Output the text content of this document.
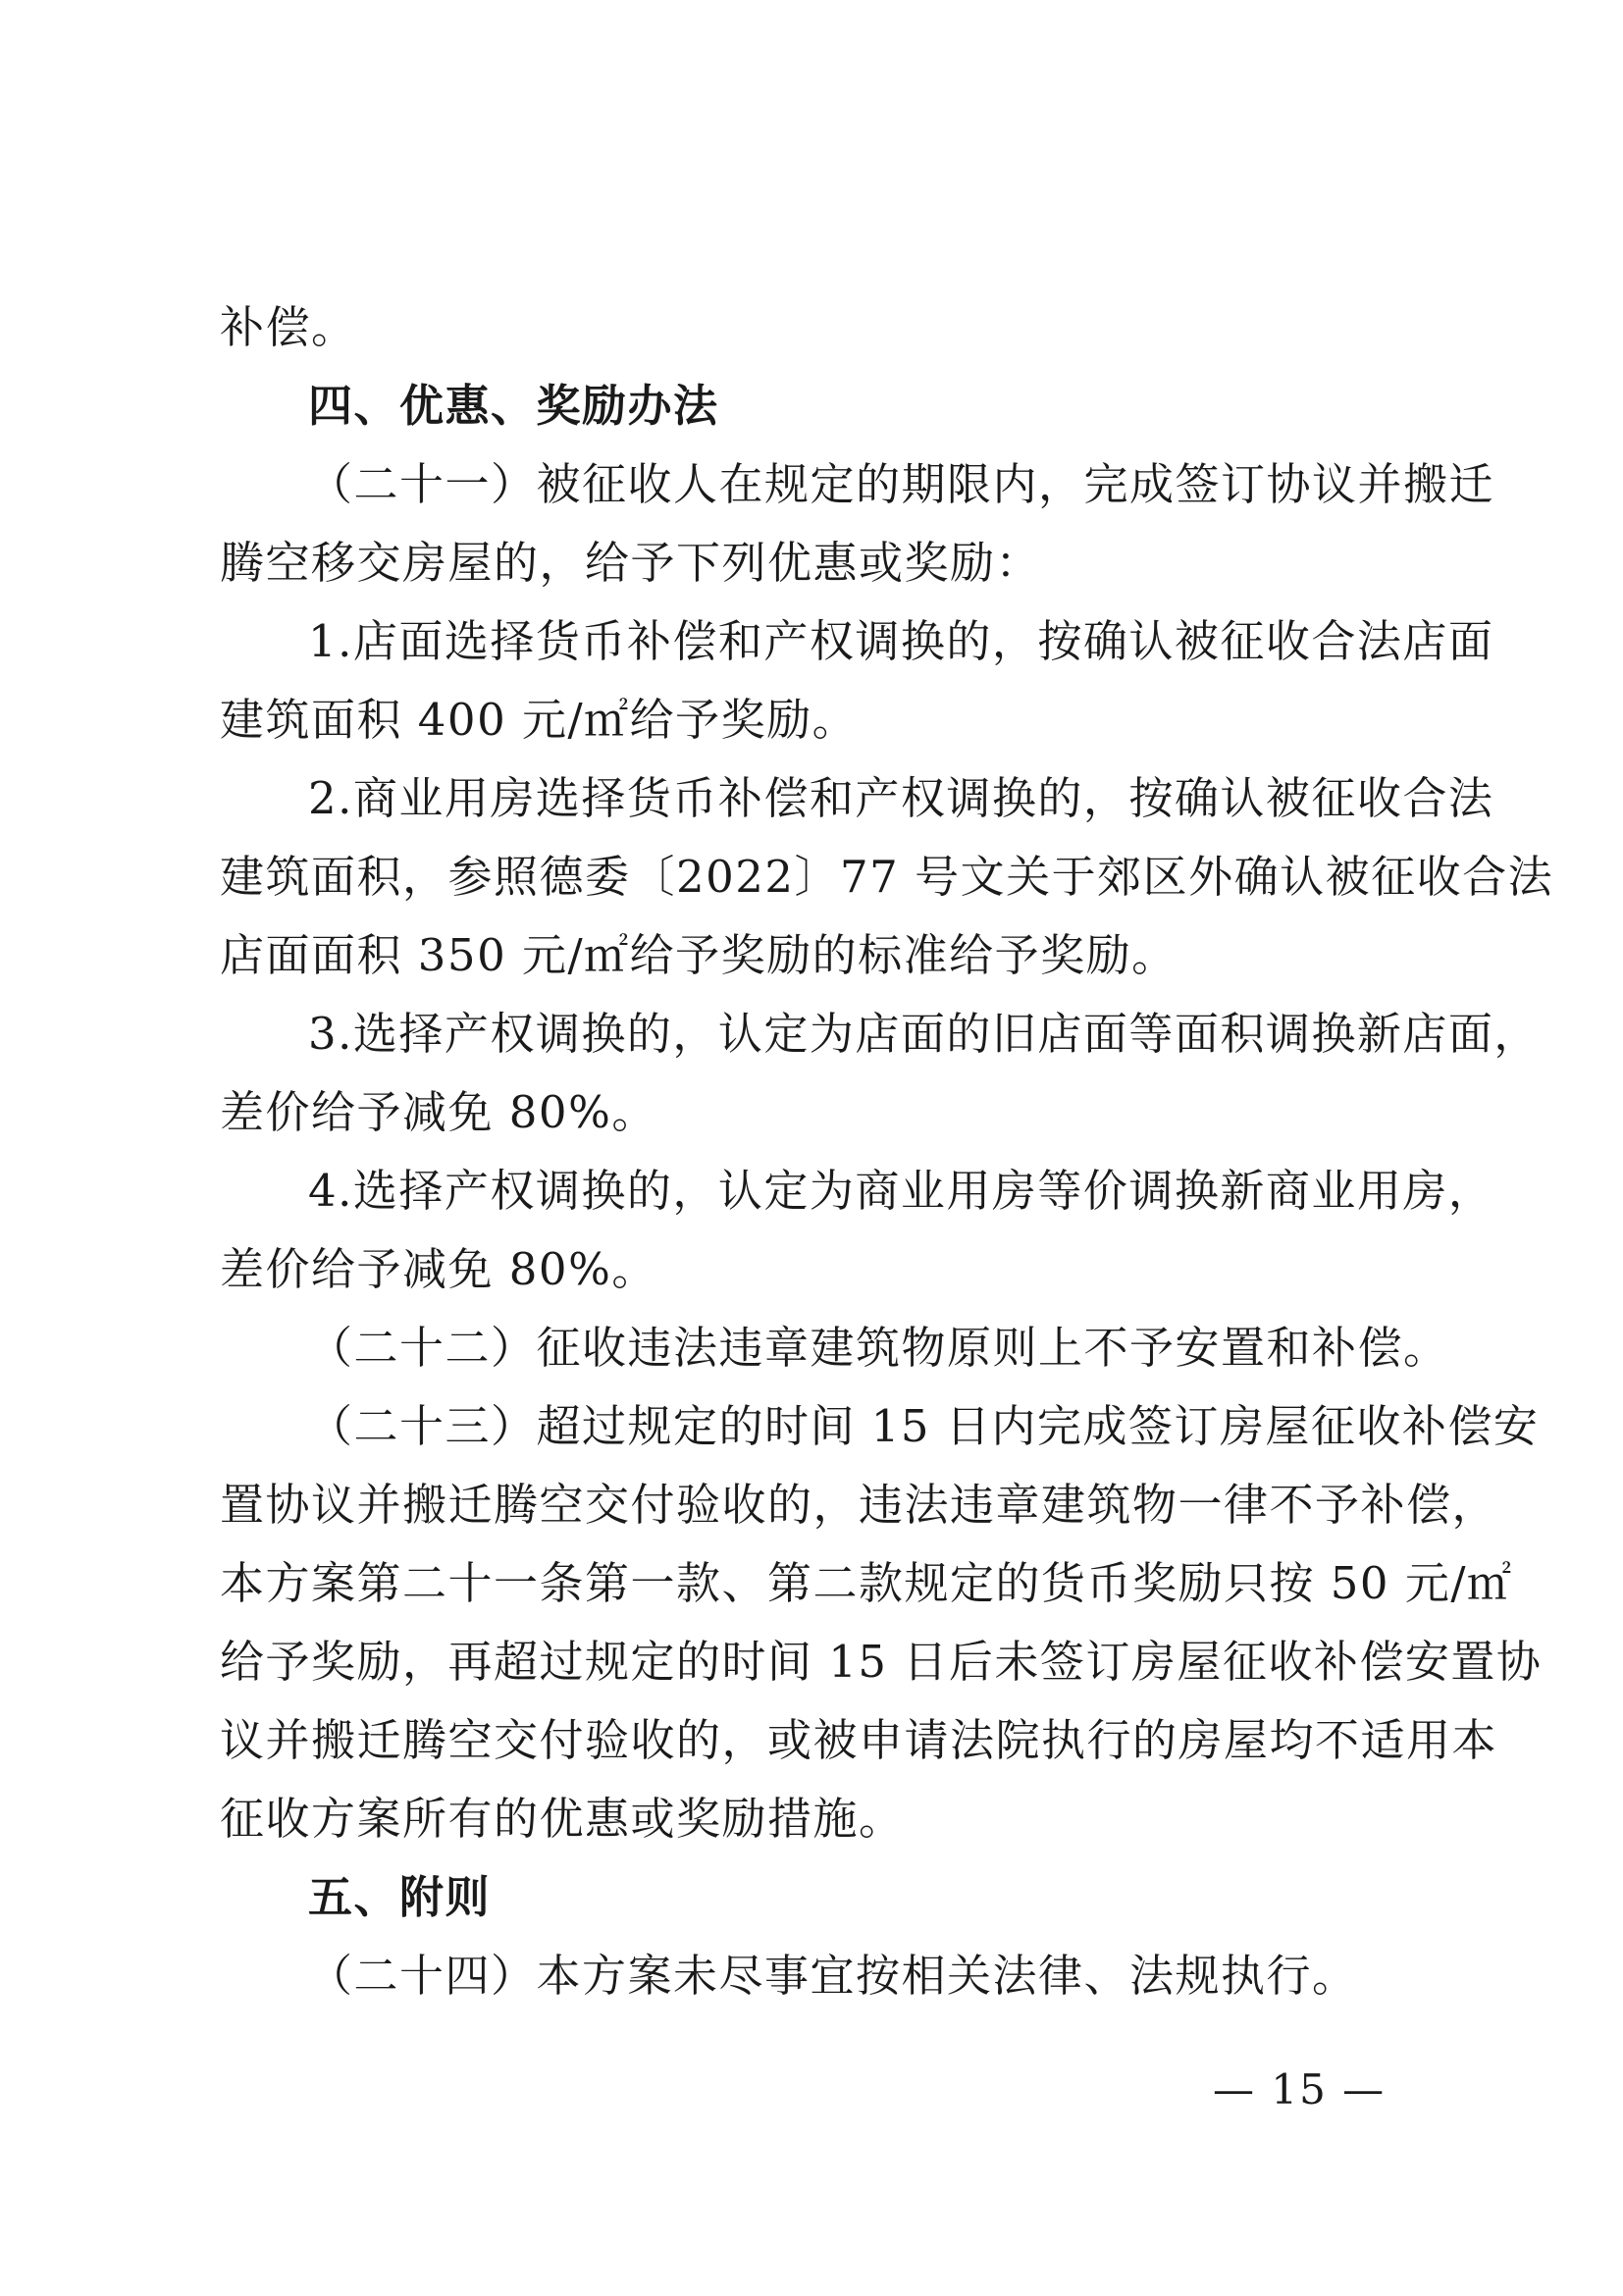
补偿。
四、优惠、奖励办法
（二十一）被征收人在规定的期限内，完成签订协议并搬迁
腾空移交房屋的，给予下列优惠或奖励：
1.店面选择货币补偿和产权调换的，按确认被征收合法店面
建筑面积 400 元/㎡给予奖励。
2.商业用房选择货币补偿和产权调换的，按确认被征收合法
建筑面积，参照德委〔2022〕77 号文关于郊区外确认被征收合法
店面面积 350 元/㎡给予奖励的标准给予奖励。
3.选择产权调换的，认定为店面的旧店面等面积调换新店面，
差价给予减免 80%。
4.选择产权调换的，认定为商业用房等价调换新商业用房，
差价给予减免 80%。
（二十二）征收违法违章建筑物原则上不予安置和补偿。
（二十三）超过规定的时间 15 日内完成签订房屋征收补偿安
置协议并搬迁腾空交付验收的，违法违章建筑物一律不予补偿，
本方案第二十一条第一款、第二款规定的货币奖励只按 50 元/㎡
给予奖励，再超过规定的时间 15 日后未签订房屋征收补偿安置协
议并搬迁腾空交付验收的，或被申请法院执行的房屋均不适用本
征收方案所有的优惠或奖励措施。
五、附则
（二十四）本方案未尽事宜按相关法律、法规执行。
— 15 —
